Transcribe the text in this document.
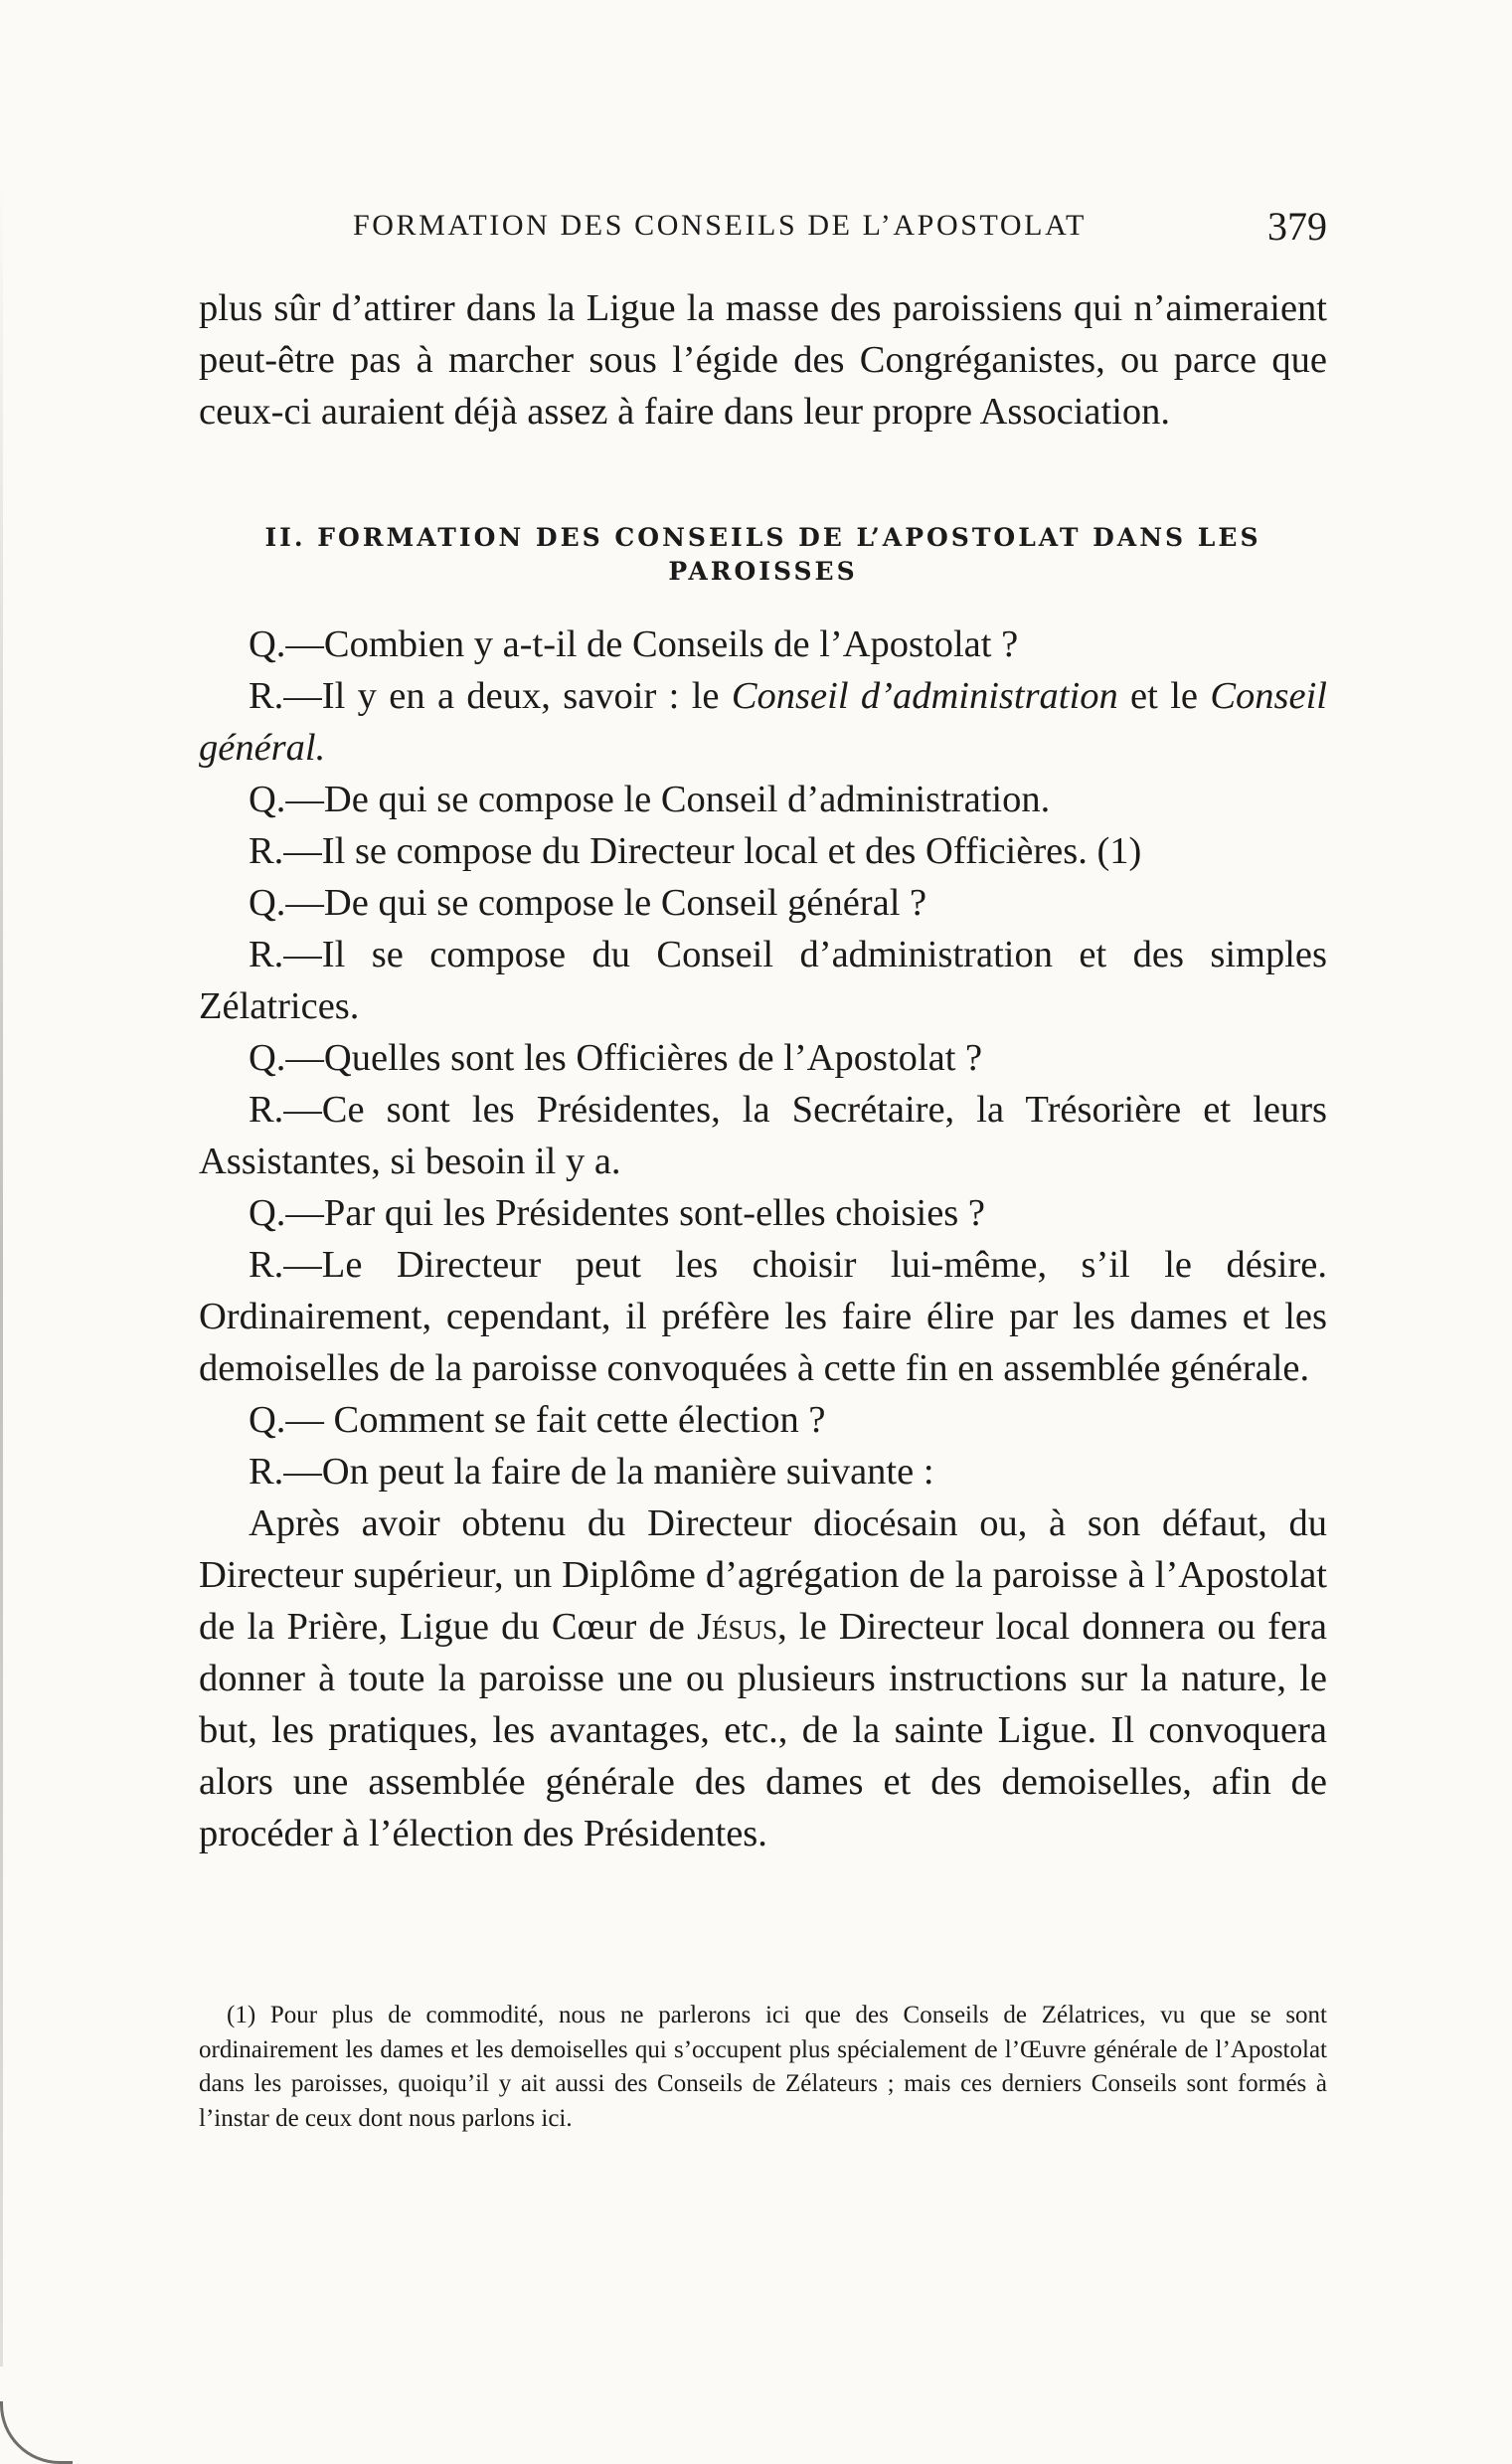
FORMATION DES CONSEILS DE L’APOSTOLAT	379

plus sûr d’attirer dans la Ligue la masse des paroissiens qui n’aimeraient peut-être pas à marcher sous l’égide des Congréganistes, ou parce que ceux-ci auraient déjà assez à faire dans leur propre Association.

II. FORMATION DES CONSEILS DE L’APOSTOLAT DANS LES PAROISSES

Q.—Combien y a-t-il de Conseils de l’Apostolat ?

R.—Il y en a deux, savoir : le Conseil d’administration et le Conseil général.

Q.—De qui se compose le Conseil d’administration.

R.—Il se compose du Directeur local et des Officières. (1)

Q.—De qui se compose le Conseil général ?

R.—Il se compose du Conseil d’administration et des simples Zélatrices.

Q.—Quelles sont les Officières de l’Apostolat ?

R.—Ce sont les Présidentes, la Secrétaire, la Trésorière et leurs Assistantes, si besoin il y a.

Q.—Par qui les Présidentes sont-elles choisies ?

R.—Le Directeur peut les choisir lui-même, s’il le désire. Ordinairement, cependant, il préfère les faire élire par les dames et les demoiselles de la paroisse convoquées à cette fin en assemblée générale.

Q.— Comment se fait cette élection ?

R.—On peut la faire de la manière suivante :

Après avoir obtenu du Directeur diocésain ou, à son défaut, du Directeur supérieur, un Diplôme d’agrégation de la paroisse à l’Apostolat de la Prière, Ligue du Cœur de Jésus, le Directeur local donnera ou fera donner à toute la paroisse une ou plusieurs instructions sur la nature, le but, les pratiques, les avantages, etc., de la sainte Ligue. Il convoquera alors une assemblée générale des dames et des demoiselles, afin de procéder à l’élection des Présidentes.

(1) Pour plus de commodité, nous ne parlerons ici que des Conseils de Zélatrices, vu que se sont ordinairement les dames et les demoiselles qui s’occupent plus spécialement de l’Œuvre générale de l’Apostolat dans les paroisses, quoiqu’il y ait aussi des Conseils de Zélateurs ; mais ces derniers Conseils sont formés à l’instar de ceux dont nous parlons ici.
